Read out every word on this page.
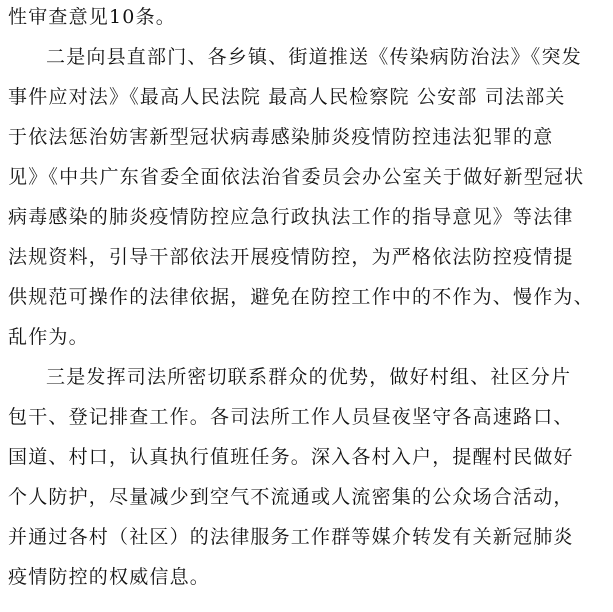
性审查意见10条。
二是向县直部门、各乡镇、街道推送《传染病防治法》《突发
事件应对法》《最高人民法院 最高人民检察院 公安部 司法部关
于依法惩治妨害新型冠状病毒感染肺炎疫情防控违法犯罪的意
见》《中共广东省委全面依法治省委员会办公室关于做好新型冠状
病毒感染的肺炎疫情防控应急行政执法工作的指导意见》等法律
法规资料，引导干部依法开展疫情防控，为严格依法防控疫情提
供规范可操作的法律依据，避免在防控工作中的不作为、慢作为、
乱作为。
三是发挥司法所密切联系群众的优势，做好村组、社区分片
包干、登记排查工作。各司法所工作人员昼夜坚守各高速路口、
国道、村口，认真执行值班任务。深入各村入户，提醒村民做好
个人防护，尽量减少到空气不流通或人流密集的公众场合活动，
并通过各村（社区）的法律服务工作群等媒介转发有关新冠肺炎
疫情防控的权威信息。
